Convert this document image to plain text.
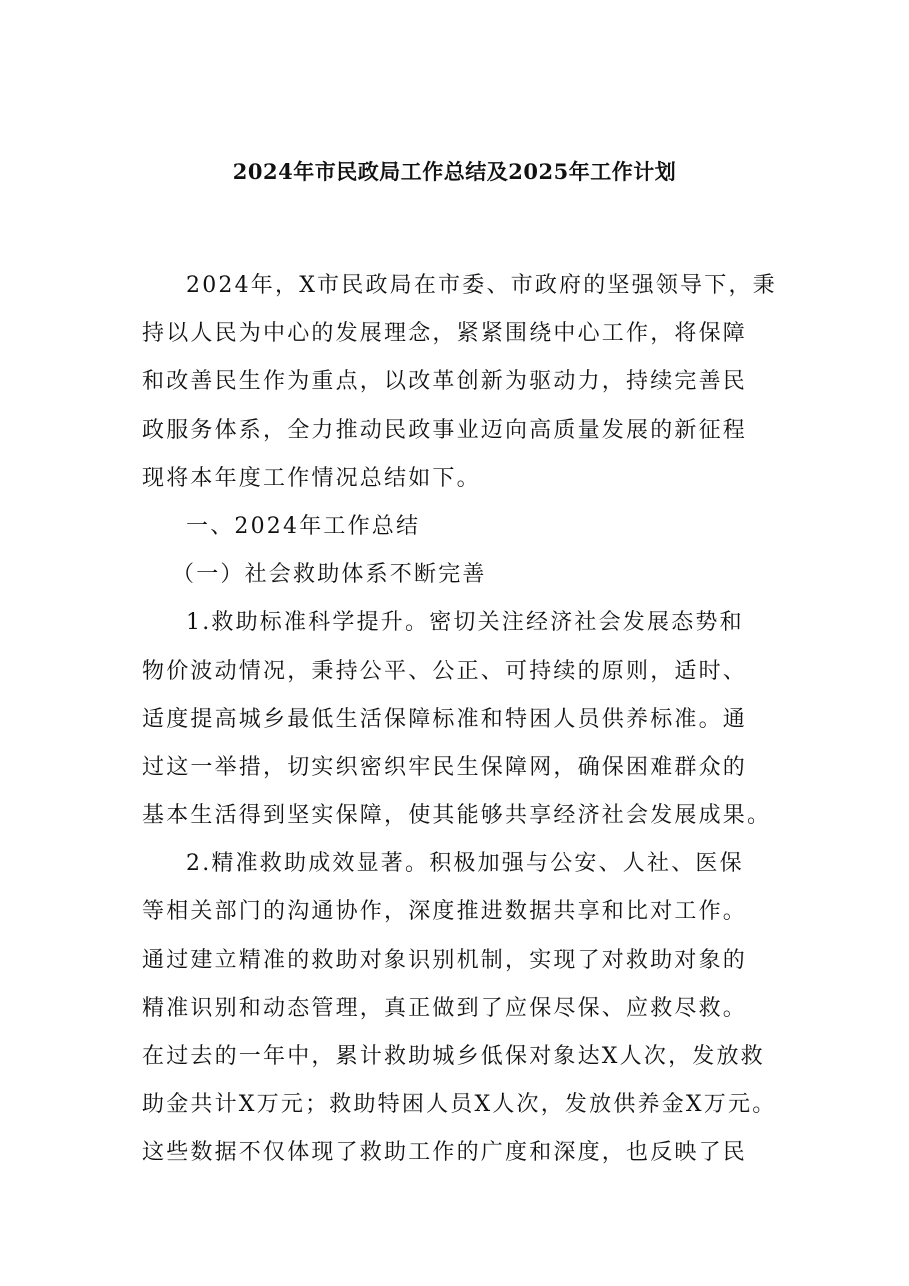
2024年市民政局工作总结及2025年工作计划
2024年，X市民政局在市委、市政府的坚强领导下，秉
持以人民为中心的发展理念，紧紧围绕中心工作，将保障
和改善民生作为重点，以改革创新为驱动力，持续完善民
政服务体系，全力推动民政事业迈向高质量发展的新征程
现将本年度工作情况总结如下。
一、2024年工作总结
（一）社会救助体系不断完善
1.救助标准科学提升。密切关注经济社会发展态势和
物价波动情况，秉持公平、公正、可持续的原则，适时、
适度提高城乡最低生活保障标准和特困人员供养标准。通
过这一举措，切实织密织牢民生保障网，确保困难群众的
基本生活得到坚实保障，使其能够共享经济社会发展成果。
2.精准救助成效显著。积极加强与公安、人社、医保
等相关部门的沟通协作，深度推进数据共享和比对工作。
通过建立精准的救助对象识别机制，实现了对救助对象的
精准识别和动态管理，真正做到了应保尽保、应救尽救。
在过去的一年中，累计救助城乡低保对象达X人次，发放救
助金共计X万元；救助特困人员X人次，发放供养金X万元。
这些数据不仅体现了救助工作的广度和深度，也反映了民
